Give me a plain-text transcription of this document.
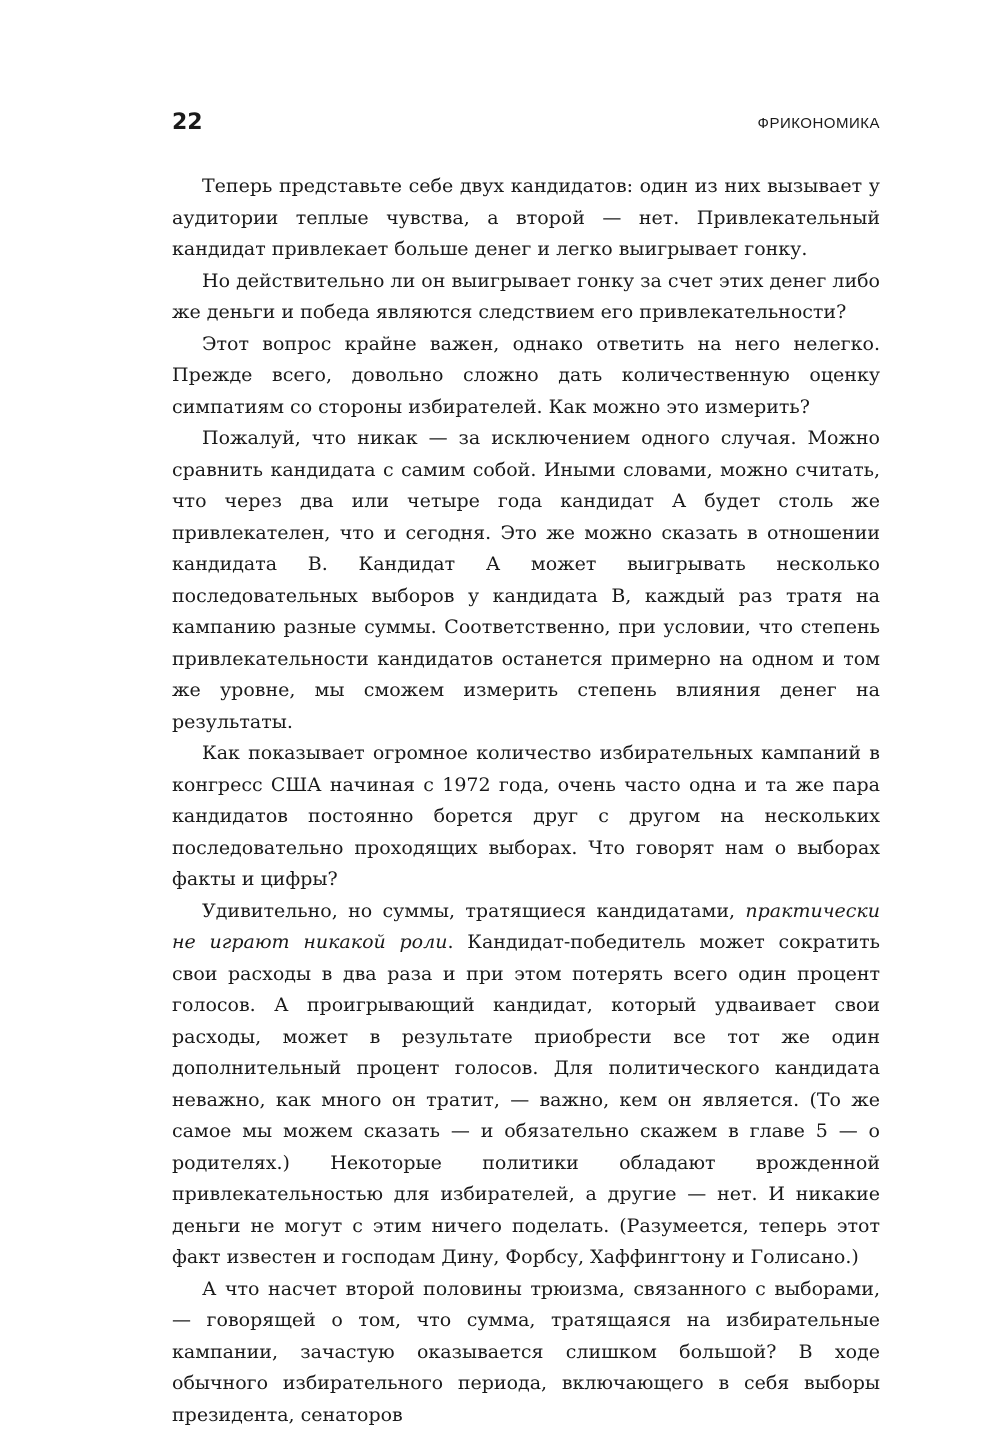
22	ФРИКОНОМИКА

Теперь представьте себе двух кандидатов: один из них вызывает у аудитории теплые чувства, а второй — нет. Привлекательный кандидат привлекает больше денег и легко выигрывает гонку.

Но действительно ли он выигрывает гонку за счет этих денег либо же деньги и победа являются следствием его привлекательности?

Этот вопрос крайне важен, однако ответить на него нелегко. Прежде всего, довольно сложно дать количественную оценку симпатиям со стороны избирателей. Как можно это измерить?

Пожалуй, что никак — за исключением одного случая. Можно сравнить кандидата с самим собой. Иными словами, можно считать, что через два или четыре года кандидат А будет столь же привлекателен, что и сегодня. Это же можно сказать в отношении кандидата В. Кандидат А может выигрывать несколько последовательных выборов у кандидата В, каждый раз тратя на кампанию разные суммы. Соответственно, при условии, что степень привлекательности кандидатов останется примерно на одном и том же уровне, мы сможем измерить степень влияния денег на результаты.

Как показывает огромное количество избирательных кампаний в конгресс США начиная с 1972 года, очень часто одна и та же пара кандидатов постоянно борется друг с другом на нескольких последовательно проходящих выборах. Что говорят нам о выборах факты и цифры?

Удивительно, но суммы, тратящиеся кандидатами, практически не играют никакой роли. Кандидат-победитель может сократить свои расходы в два раза и при этом потерять всего один процент голосов. А проигрывающий кандидат, который удваивает свои расходы, может в результате приобрести все тот же один дополнительный процент голосов. Для политического кандидата неважно, как много он тратит, — важно, кем он является. (То же самое мы можем сказать — и обязательно скажем в главе 5 — о родителях.) Некоторые политики обладают врожденной привлекательностью для избирателей, а другие — нет. И никакие деньги не могут с этим ничего поделать. (Разумеется, теперь этот факт известен и господам Дину, Форбсу, Хаффингтону и Голисано.)

А что насчет второй половины трюизма, связанного с выборами, — говорящей о том, что сумма, тратящаяся на избирательные кампании, зачастую оказывается слишком большой? В ходе обычного избирательного периода, включающего в себя выборы президента, сенаторов
